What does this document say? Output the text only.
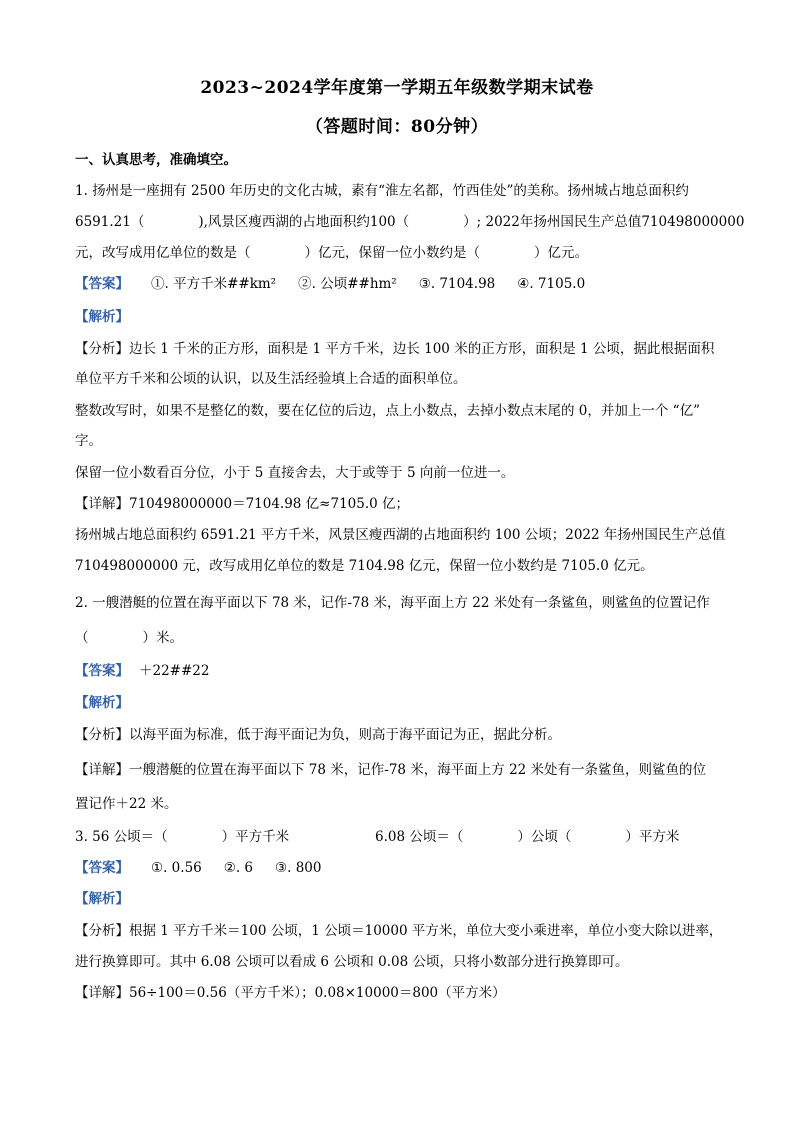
2023~2024学年度第一学期五年级数学期末试卷
（答题时间：80分钟）
一、认真思考，准确填空。
1. 扬州是一座拥有 2500 年历史的文化古城，素有“淮左名都，竹西佳处”的美称。扬州城占地总面积约
6591.21（　　　　),风景区瘦西湖的占地面积约100（　　　　）; 2022年扬州国民生产总值710498000000
元，改写成用亿单位的数是（　　　　）亿元，保留一位小数约是（　　　　）亿元。
【答案】 ①. 平方千米##km² ②. 公顷##hm² ③. 7104.98 ④. 7105.0
【解析】
【分析】边长 1 千米的正方形，面积是 1 平方千米，边长 100 米的正方形，面积是 1 公顷，据此根据面积
单位平方千米和公顷的认识，以及生活经验填上合适的面积单位。
整数改写时，如果不是整亿的数，要在亿位的后边，点上小数点，去掉小数点末尾的 0，并加上一个 “亿”
字。
保留一位小数看百分位，小于 5 直接舍去，大于或等于 5 向前一位进一。
【详解】710498000000＝7104.98 亿≈7105.0 亿；
扬州城占地总面积约 6591.21 平方千米，风景区瘦西湖的占地面积约 100 公顷；2022 年扬州国民生产总值
710498000000 元，改写成用亿单位的数是 7104.98 亿元，保留一位小数约是 7105.0 亿元。
2. 一艘潜艇的位置在海平面以下 78 米，记作-78 米，海平面上方 22 米处有一条鲨鱼，则鲨鱼的位置记作
（　　　　）米。
【答案】 ＋22##22
【解析】
【分析】以海平面为标准，低于海平面记为负，则高于海平面记为正，据此分析。
【详解】一艘潜艇的位置在海平面以下 78 米，记作-78 米，海平面上方 22 米处有一条鲨鱼，则鲨鱼的位
置记作＋22 米。
3. 56 公顷＝（　　　　）平方千米	6.08 公顷＝（　　　　）公顷（　　　　）平方米
【答案】 ①. 0.56 ②. 6 ③. 800
【解析】
【分析】根据 1 平方千米＝100 公顷，1 公顷＝10000 平方米，单位大变小乘进率，单位小变大除以进率，
进行换算即可。其中 6.08 公顷可以看成 6 公顷和 0.08 公顷，只将小数部分进行换算即可。
【详解】56÷100＝0.56（平方千米）；0.08×10000＝800（平方米）
